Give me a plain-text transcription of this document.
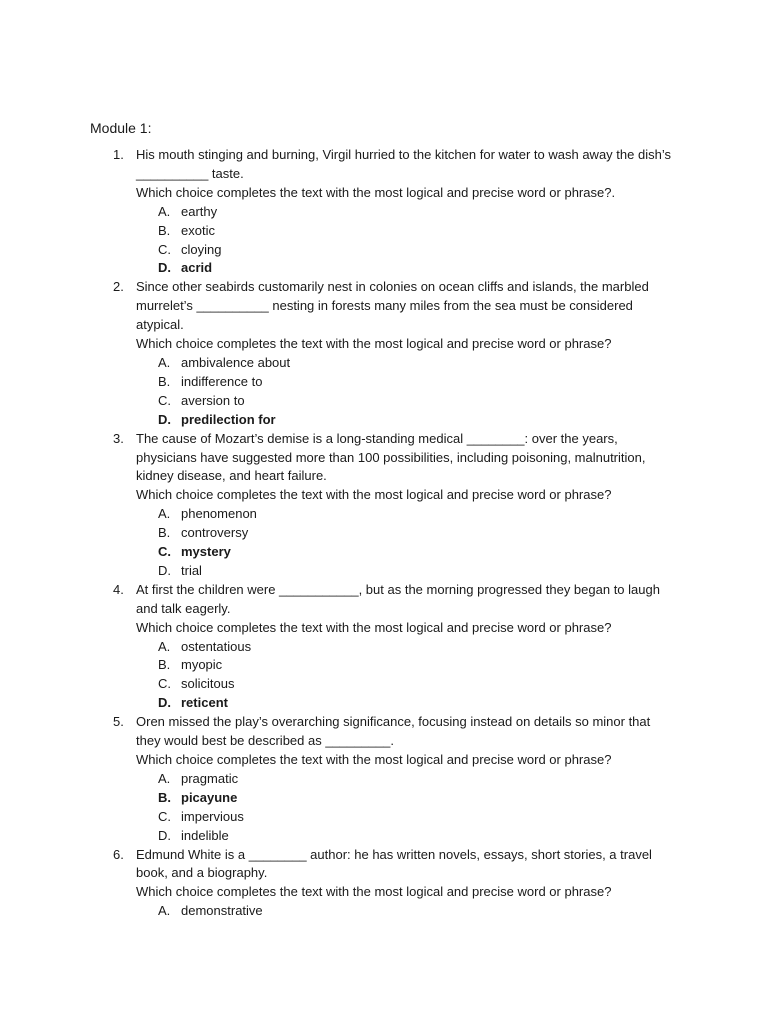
Module 1:
1. His mouth stinging and burning, Virgil hurried to the kitchen for water to wash away the dish’s __________ taste.
Which choice completes the text with the most logical and precise word or phrase?.
A. earthy
B. exotic
C. cloying
D. acrid
2. Since other seabirds customarily nest in colonies on ocean cliffs and islands, the marbled murrelet’s __________ nesting in forests many miles from the sea must be considered atypical.
Which choice completes the text with the most logical and precise word or phrase?
A. ambivalence about
B. indifference to
C. aversion to
D. predilection for
3. The cause of Mozart’s demise is a long-standing medical ________: over the years, physicians have suggested more than 100 possibilities, including poisoning, malnutrition, kidney disease, and heart failure.
Which choice completes the text with the most logical and precise word or phrase?
A. phenomenon
B. controversy
C. mystery
D. trial
4. At first the children were ___________, but as the morning progressed they began to laugh and talk eagerly.
Which choice completes the text with the most logical and precise word or phrase?
A. ostentatious
B. myopic
C. solicitous
D. reticent
5. Oren missed the play’s overarching significance, focusing instead on details so minor that they would best be described as _________.
Which choice completes the text with the most logical and precise word or phrase?
A. pragmatic
B. picayune
C. impervious
D. indelible
6. Edmund White is a ________ author: he has written novels, essays, short stories, a travel book, and a biography.
Which choice completes the text with the most logical and precise word or phrase?
A. demonstrative
